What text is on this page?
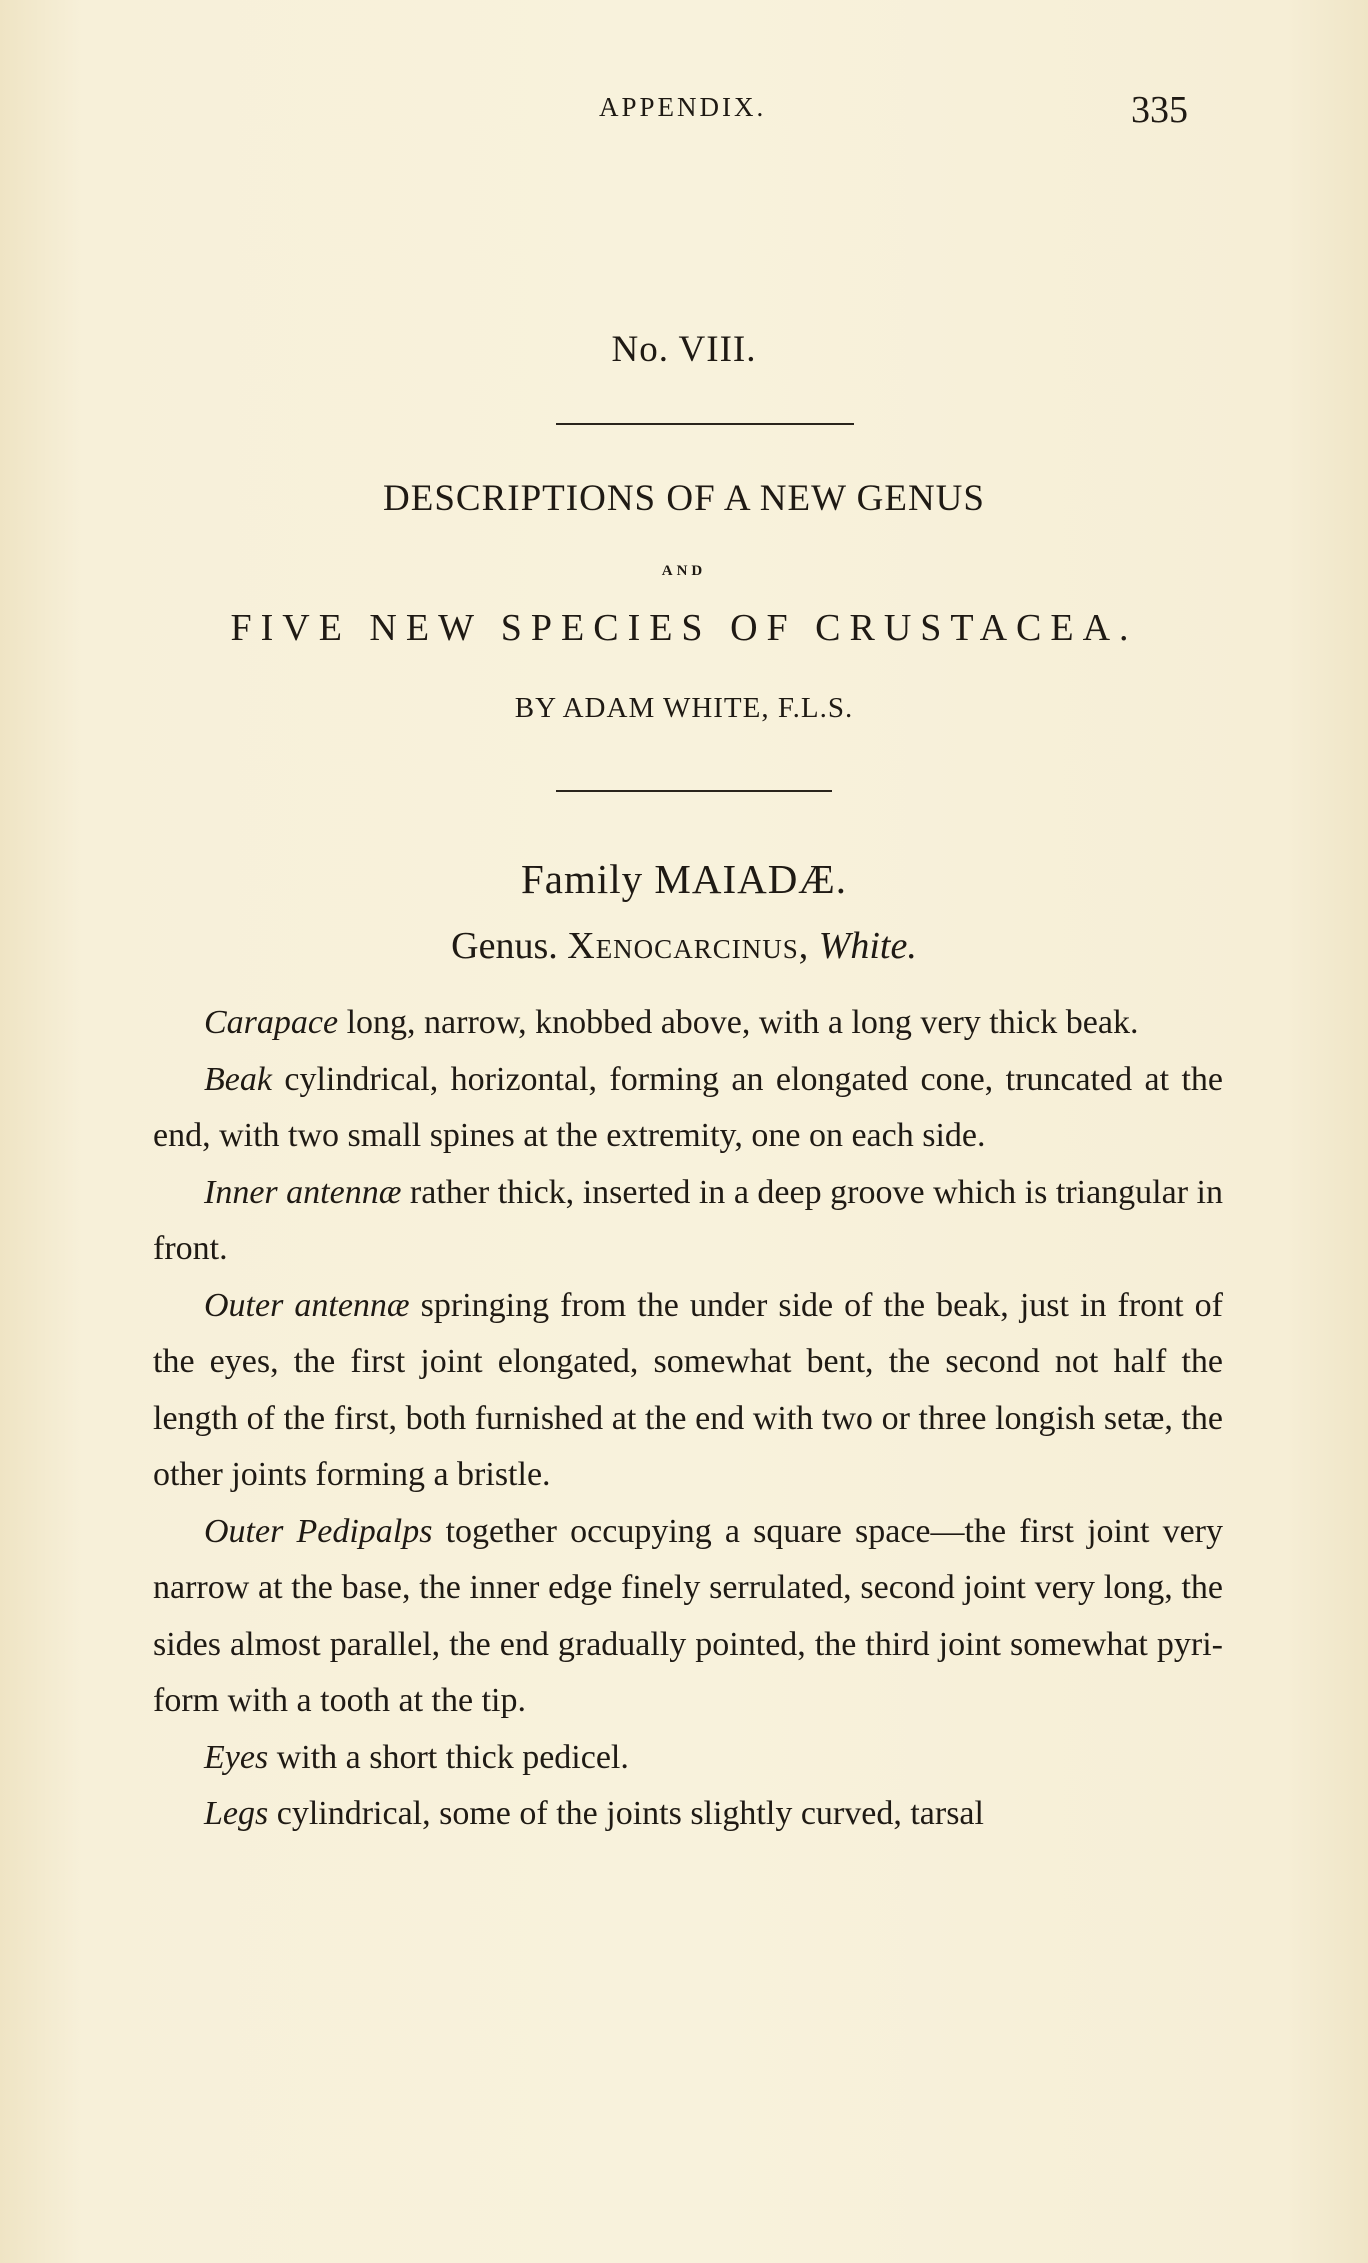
APPENDIX.	335
No. VIII.
DESCRIPTIONS OF A NEW GENUS
AND
FIVE NEW SPECIES OF CRUSTACEA.
BY ADAM WHITE, F.L.S.
Family MAIADÆ.
Genus. Xenocarcinus, White.

Carapace long, narrow, knobbed above, with a long very thick beak.

Beak cylindrical, horizontal, forming an elongated cone, truncated at the end, with two small spines at the extremity, one on each side.

Inner antennæ rather thick, inserted in a deep groove which is triangular in front.

Outer antennæ springing from the under side of the beak, just in front of the eyes, the first joint elongated, somewhat bent, the second not half the length of the first, both furnished at the end with two or three longish setæ, the other joints forming a bristle.

Outer Pedipalps together occupying a square space—the first joint very narrow at the base, the inner edge finely serrulated, second joint very long, the sides almost parallel, the end gradually pointed, the third joint somewhat pyri-form with a tooth at the tip.

Eyes with a short thick pedicel.

Legs cylindrical, some of the joints slightly curved, tarsal
